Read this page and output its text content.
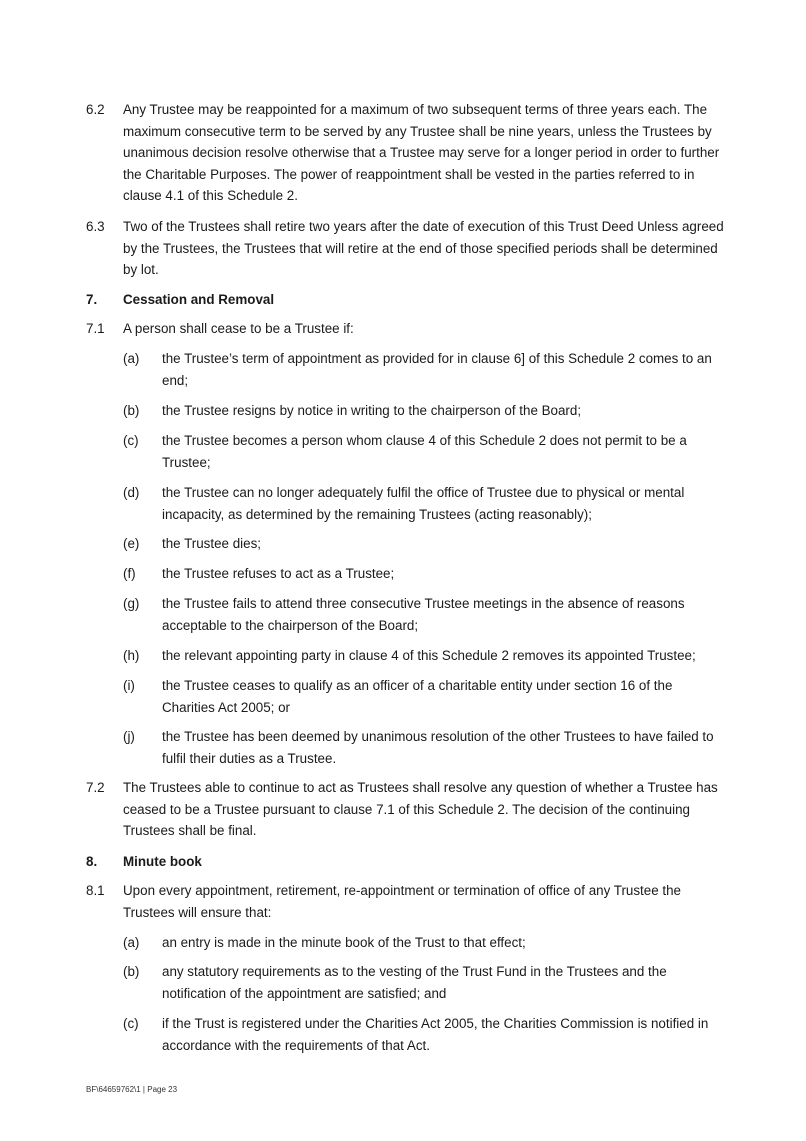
6.2 Any Trustee may be reappointed for a maximum of two subsequent terms of three years each. The maximum consecutive term to be served by any Trustee shall be nine years, unless the Trustees by unanimous decision resolve otherwise that a Trustee may serve for a longer period in order to further the Charitable Purposes. The power of reappointment shall be vested in the parties referred to in clause 4.1 of this Schedule 2.
6.3 Two of the Trustees shall retire two years after the date of execution of this Trust Deed Unless agreed by the Trustees, the Trustees that will retire at the end of those specified periods shall be determined by lot.
7. Cessation and Removal
7.1 A person shall cease to be a Trustee if:
(a) the Trustee’s term of appointment as provided for in clause 6] of this Schedule 2 comes to an end;
(b) the Trustee resigns by notice in writing to the chairperson of the Board;
(c) the Trustee becomes a person whom clause 4 of this Schedule 2 does not permit to be a Trustee;
(d) the Trustee can no longer adequately fulfil the office of Trustee due to physical or mental incapacity, as determined by the remaining Trustees (acting reasonably);
(e) the Trustee dies;
(f) the Trustee refuses to act as a Trustee;
(g) the Trustee fails to attend three consecutive Trustee meetings in the absence of reasons acceptable to the chairperson of the Board;
(h) the relevant appointing party in clause 4 of this Schedule 2 removes its appointed Trustee;
(i) the Trustee ceases to qualify as an officer of a charitable entity under section 16 of the Charities Act 2005; or
(j) the Trustee has been deemed by unanimous resolution of the other Trustees to have failed to fulfil their duties as a Trustee.
7.2 The Trustees able to continue to act as Trustees shall resolve any question of whether a Trustee has ceased to be a Trustee pursuant to clause 7.1 of this Schedule 2. The decision of the continuing Trustees shall be final.
8. Minute book
8.1 Upon every appointment, retirement, re-appointment or termination of office of any Trustee the Trustees will ensure that:
(a) an entry is made in the minute book of the Trust to that effect;
(b) any statutory requirements as to the vesting of the Trust Fund in the Trustees and the notification of the appointment are satisfied; and
(c) if the Trust is registered under the Charities Act 2005, the Charities Commission is notified in accordance with the requirements of that Act.
BF\64659762\1 | Page 23
